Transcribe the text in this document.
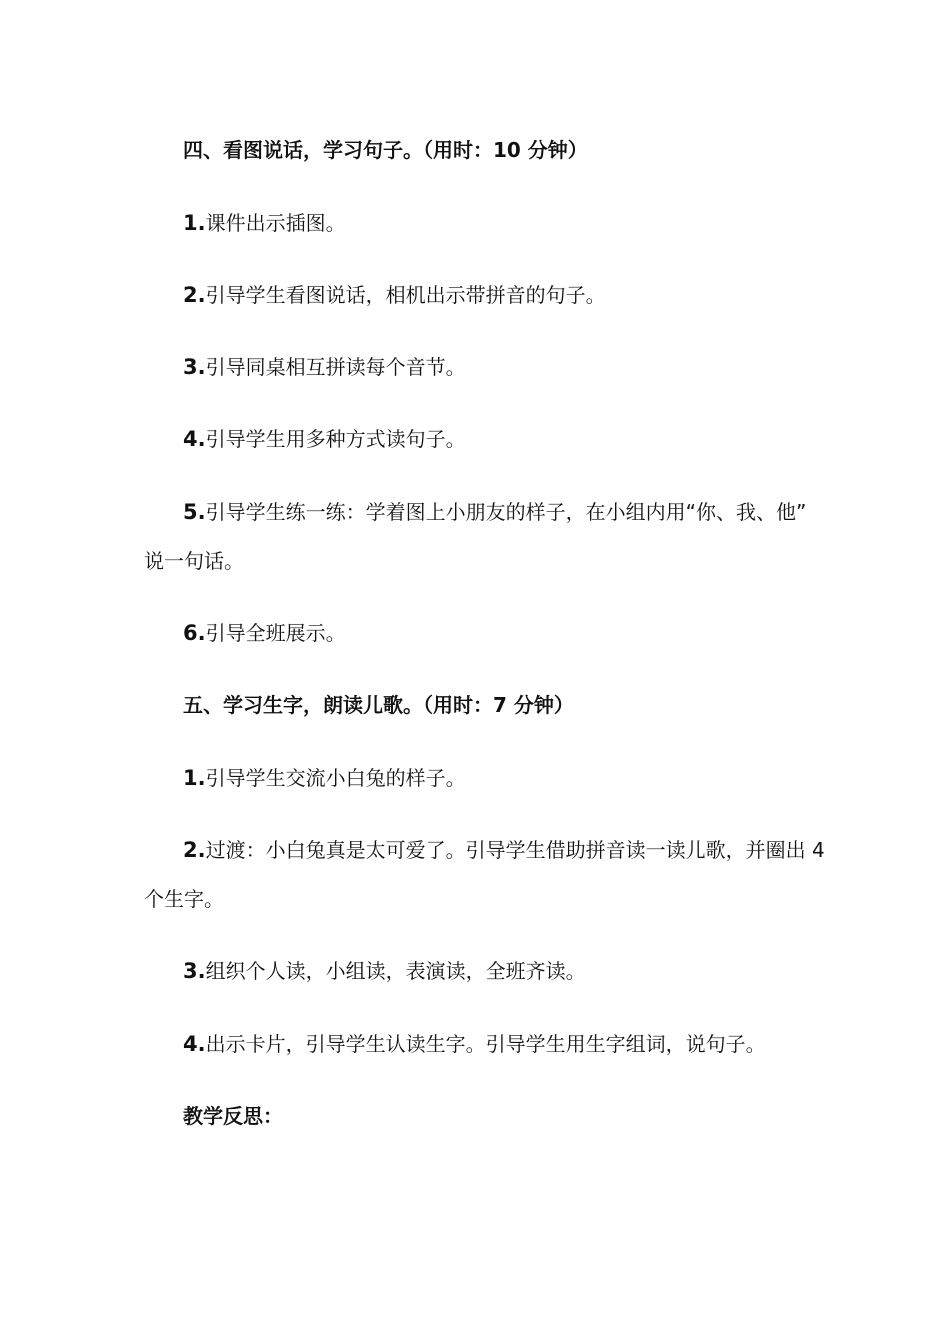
四、看图说话，学习句子。（用时：10 分钟）
1.课件出示插图。
2.引导学生看图说话，相机出示带拼音的句子。
3.引导同桌相互拼读每个音节。
4.引导学生用多种方式读句子。
5.引导学生练一练：学着图上小朋友的样子，在小组内用“你、我、他”
说一句话。
6.引导全班展示。
五、学习生字，朗读儿歌。（用时：7 分钟）
1.引导学生交流小白兔的样子。
2.过渡：小白兔真是太可爱了。引导学生借助拼音读一读儿歌，并圈出 4
个生字。
3.组织个人读，小组读，表演读，全班齐读。
4.出示卡片，引导学生认读生字。引导学生用生字组词，说句子。
教学反思：
